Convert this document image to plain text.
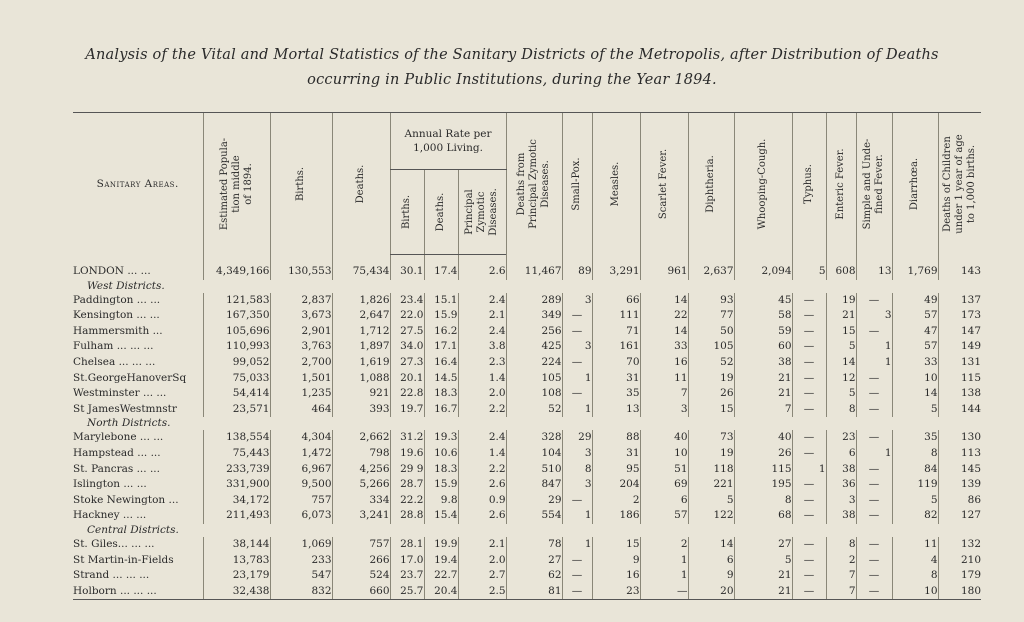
Analysis of the Vital and Mortal Statistics of the Sanitary Districts of the Metropolis, after Distribution of Deaths
occurring in Public Institutions, during the Year 1894.
Sanitary Areas.	Estimated Popula-
tion middle
of 1894.	Births.	Deaths.	Annual Rate per
1,000 Living.			Deaths from
Principal Zymotic
Diseases.	Small-Pox.	Measles.	Scarlet Fever.	Diphtheria.	Whooping-Cough.	Typhus.	Enteric Fever.	Simple and Unde-
fined Fever.	Diarrhœa.	Deaths of Children
under 1 year of age
to 1,000 births.

				Births.	Deaths.	Principal
Zymotic
Diseases.											

LONDON ... ...	4,349,166	130,553	75,434	30.1	17.4	2.6	11,467	89	3,291	961	2,637	2,094	5	608	13	1,769	143
West Districts.																	
Paddington ... ...	121,583	2,837	1,826	23.4	15.1	2.4	289	3	66	14	93	45	—	19	—	49	137
Kensington ... ...	167,350	3,673	2,647	22.0	15.9	2.1	349	—	111	22	77	58	—	21	3	57	173
Hammersmith ...	105,696	2,901	1,712	27.5	16.2	2.4	256	—	71	14	50	59	—	15	—	47	147
Fulham ... ... ...	110,993	3,763	1,897	34.0	17.1	3.8	425	3	161	33	105	60	—	5	1	57	149
Chelsea ... ... ...	99,052	2,700	1,619	27.3	16.4	2.3	224	—	70	16	52	38	—	14	1	33	131
St.GeorgeHanoverSq	75,033	1,501	1,088	20.1	14.5	1.4	105	1	31	11	19	21	—	12	—	10	115
Westminster ... ...	54,414	1,235	921	22.8	18.3	2.0	108	—	35	7	26	21	—	5	—	14	138
St JamesWestmnstr	23,571	464	393	19.7	16.7	2.2	52	1	13	3	15	7	—	8	—	5	144
North Districts.																	
Marylebone ... ...	138,554	4,304	2,662	31.2	19.3	2.4	328	29	88	40	73	40	—	23	—	35	130
Hampstead ... ...	75,443	1,472	798	19.6	10.6	1.4	104	3	31	10	19	26	—	6	1	8	113
St. Pancras ... ...	233,739	6,967	4,256	29 9	18.3	2.2	510	8	95	51	118	115	1	38	—	84	145
Islington ... ...	331,900	9,500	5,266	28.7	15.9	2.6	847	3	204	69	221	195	—	36	—	119	139
Stoke Newington ...	34,172	757	334	22.2	9.8	0.9	29	—	2	6	5	8	—	3	—	5	86
Hackney ... ...	211,493	6,073	3,241	28.8	15.4	2.6	554	1	186	57	122	68	—	38	—	82	127
Central Districts.																	
St. Giles... ... ...	38,144	1,069	757	28.1	19.9	2.1	78	1	15	2	14	27	—	8	—	11	132
St Martin-in-Fields	13,783	233	266	17.0	19.4	2.0	27	—	9	1	6	5	—	2	—	4	210
Strand ... ... ...	23,179	547	524	23.7	22.7	2.7	62	—	16	1	9	21	—	7	—	8	179
Holborn ... ... ...	32,438	832	660	25.7	20.4	2.5	81	—	23	—	20	21	—	7	—	10	180
